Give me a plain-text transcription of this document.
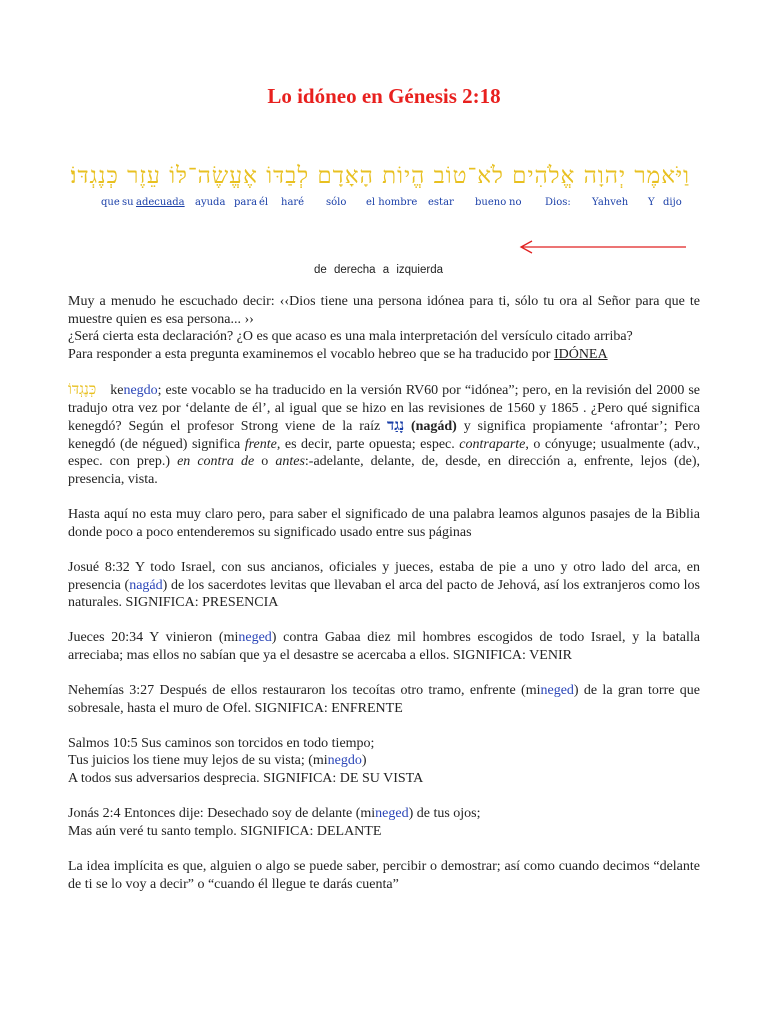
Lo idóneo en Génesis 2:18
וַיֹּאמֶר יְהוָה אֱלֹהִים לֹא־טוֹב הֱיוֹת הָאָדָם לְבַדּוֹ אֶעֱשֶׂה־לּוֹ עֵזֶר כְּנֶגְדּוֹ׃
que su adecuada ayuda para él haré sólo el hombre estar bueno no Dios: Yahveh Y dijo
de derecha a izquierda

Muy a menudo he escuchado decir: ‹‹Dios tiene una persona idónea para ti, sólo tu ora al Señor para que te muestre quien es esa persona... ››
¿Será cierta esta declaración? ¿O es que acaso es una mala interpretación del versículo citado arriba?
Para responder a esta pregunta examinemos el vocablo hebreo que se ha traducido por IDÓNEA

כְּנֶגְדּוֹ kenegdo; este vocablo se ha traducido en la versión RV60 por “idónea”; pero, en la revisión del 2000 se tradujo otra vez por ‘delante de él’, al igual que se hizo en las revisiones de 1560 y 1865 . ¿Pero qué significa kenegdó? Según el profesor Strong viene de la raíz נָגַד (nagád) y significa propiamente ‘afrontar’; Pero kenegdó (de négued) significa frente, es decir, parte opuesta; espec. contraparte, o cónyuge; usualmente (adv., espec. con prep.) en contra de o antes:-adelante, delante, de, desde, en dirección a, enfrente, lejos (de), presencia, vista.

Hasta aquí no esta muy claro pero, para saber el significado de una palabra leamos algunos pasajes de la Biblia donde poco a poco entenderemos su significado usado entre sus páginas

Josué 8:32 Y todo Israel, con sus ancianos, oficiales y jueces, estaba de pie a uno y otro lado del arca, en presencia (nagád) de los sacerdotes levitas que llevaban el arca del pacto de Jehová, así los extranjeros como los naturales. SIGNIFICA: PRESENCIA

Jueces 20:34 Y vinieron (mineged) contra Gabaa diez mil hombres escogidos de todo Israel, y la batalla arreciaba; mas ellos no sabían que ya el desastre se acercaba a ellos. SIGNIFICA: VENIR

Nehemías 3:27 Después de ellos restauraron los tecoítas otro tramo, enfrente (mineged) de la gran torre que sobresale, hasta el muro de Ofel. SIGNIFICA: ENFRENTE

Salmos 10:5 Sus caminos son torcidos en todo tiempo;
Tus juicios los tiene muy lejos de su vista; (minegdo)
A todos sus adversarios desprecia. SIGNIFICA: DE SU VISTA

Jonás 2:4 Entonces dije: Desechado soy de delante (mineged) de tus ojos;
Mas aún veré tu santo templo. SIGNIFICA: DELANTE

La idea implícita es que, alguien o algo se puede saber, percibir o demostrar; así como cuando decimos “delante de ti se lo voy a decir” o “cuando él llegue te darás cuenta”
